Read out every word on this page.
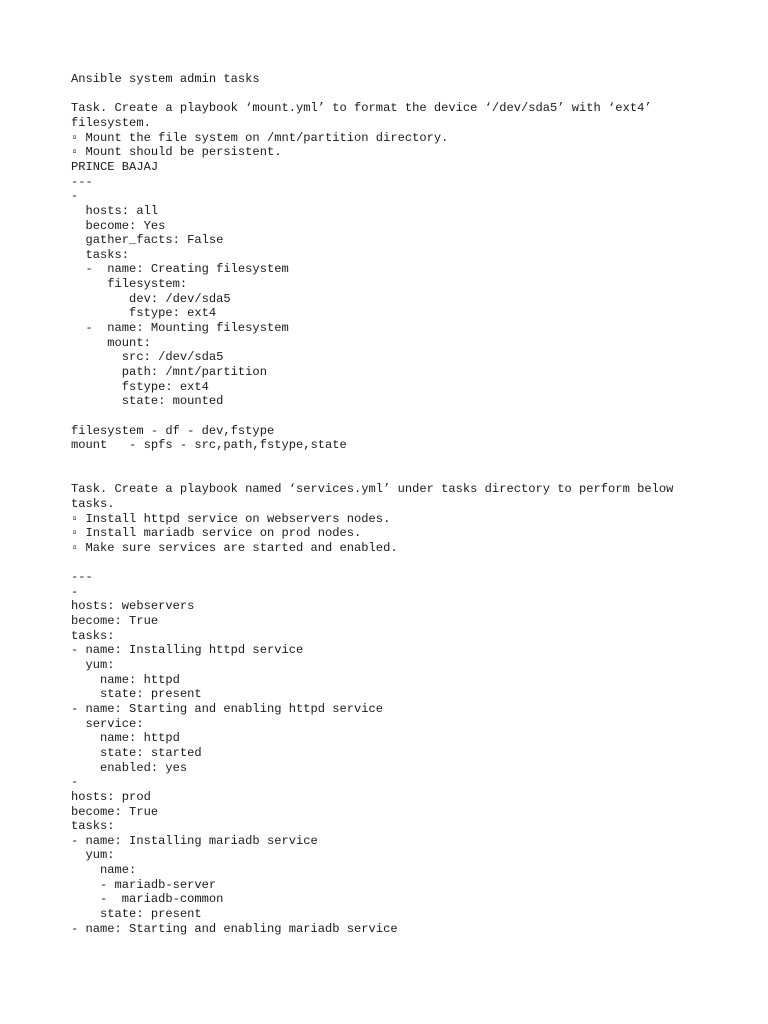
Ansible system admin tasks
Task. Create a playbook ‘mount.yml’ to format the device ‘/dev/sda5’ with ‘ext4’
filesystem.
▫ Mount the file system on /mnt/partition directory.
▫ Mount should be persistent.
PRINCE BAJAJ
---
-
hosts: all
become: Yes
gather_facts: False
tasks:
-  name: Creating filesystem
filesystem:
dev: /dev/sda5
fstype: ext4
-  name: Mounting filesystem
mount:
src: /dev/sda5
path: /mnt/partition
fstype: ext4
state: mounted
filesystem - df - dev,fstype
mount   - spfs - src,path,fstype,state
Task. Create a playbook named ‘services.yml’ under tasks directory to perform below
tasks.
▫ Install httpd service on webservers nodes.
▫ Install mariadb service on prod nodes.
▫ Make sure services are started and enabled.
---
-
hosts: webservers
become: True
tasks:
- name: Installing httpd service
yum:
name: httpd
state: present
- name: Starting and enabling httpd service
service:
name: httpd
state: started
enabled: yes
-
hosts: prod
become: True
tasks:
- name: Installing mariadb service
yum:
name:
- mariadb-server
-  mariadb-common
state: present
- name: Starting and enabling mariadb service
